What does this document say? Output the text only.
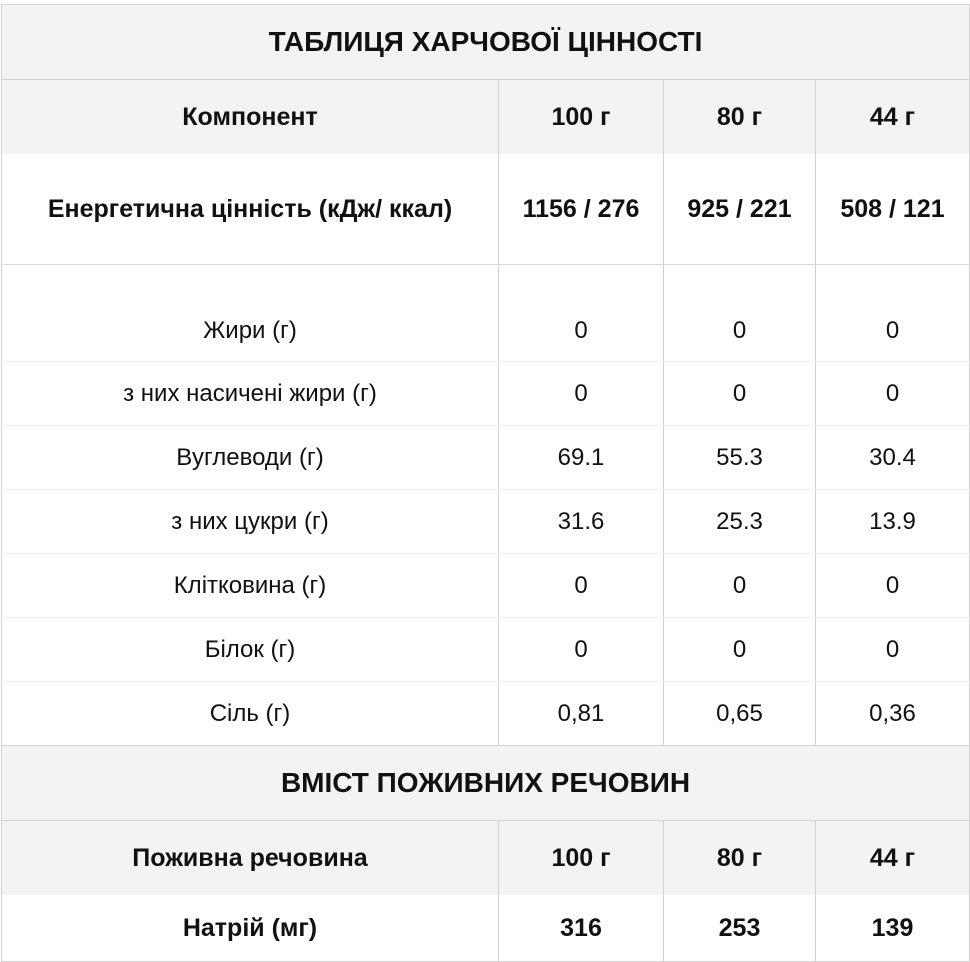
ТАБЛИЦЯ ХАРЧОВОЇ ЦІННОСТІ			
Компонент	100 г	80 г	44 г
Енергетична цінність (кДж/ ккал)	1156 / 276	925 / 221	508 / 121
Жири (г)	0	0	0
з них насичені жири (г)	0	0	0
Вуглеводи (г)	69.1	55.3	30.4
з них цукри (г)	31.6	25.3	13.9
Клітковина (г)	0	0	0
Білок (г)	0	0	0
Сіль (г)	0,81	0,65	0,36
ВМІСТ ПОЖИВНИХ РЕЧОВИН			
Поживна речовина	100 г	80 г	44 г
Натрій (мг)	316	253	139
